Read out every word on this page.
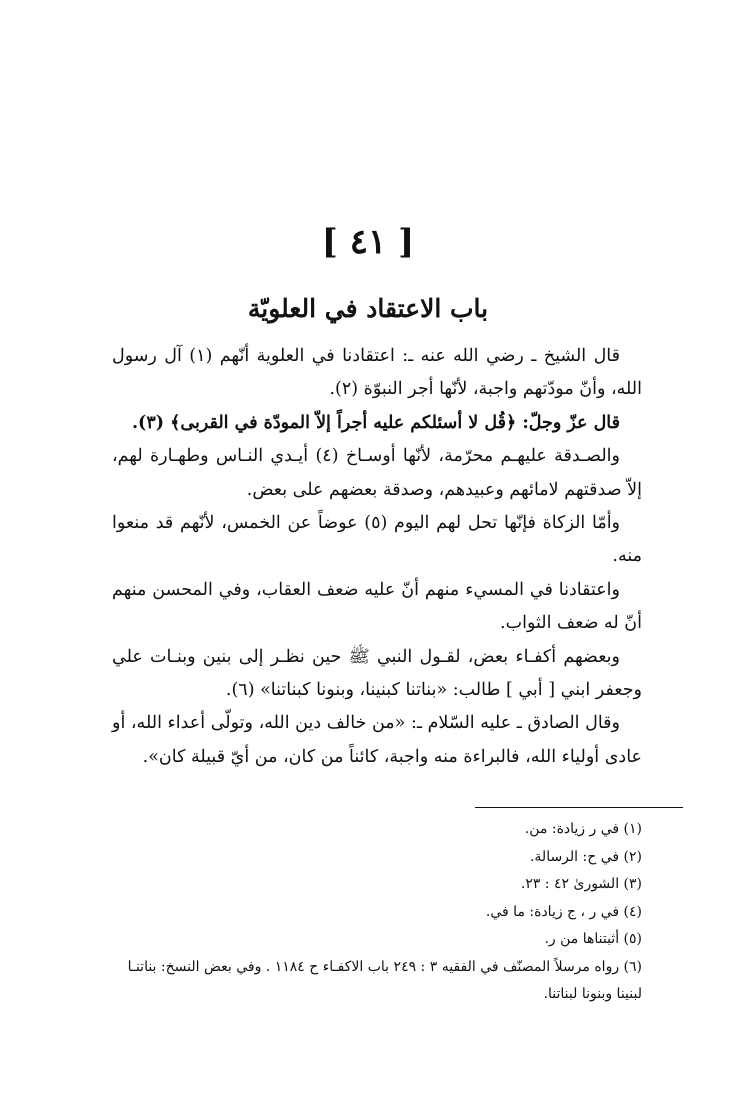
[ ٤١ ]
باب الاعتقاد في العلويّة

قال الشيخ ـ رضي الله عنه ـ: اعتقادنا في العلوية أنّهم (١) آل رسول الله، وأنّ مودّتهم واجبة، لأنّها أجر النبوّة (٢).

قال عزّ وجلّ: ﴿قُل لا أسئلكم عليه أجراً إلاّ المودّة في القربى﴾ (٣).

والصـدقة عليهـم محرّمة، لأنّها أوسـاخ (٤) أيـدي النـاس وطهـارة لهم، إلاّ صدقتهم لامائهم وعبيدهم، وصدقة بعضهم على بعض.

وأمّا الزكاة فإنّها تحل لهم اليوم (٥) عوضاً عن الخمس، لأنّهم قد منعوا منه.

واعتقادنا في المسيء منهم أنّ عليه ضعف العقاب، وفي المحسن منهم أنّ له ضعف الثواب.

وبعضهم أكفـاء بعض، لقـول النبي ﷺ حين نظـر إلى بنين وبنـات علي وجعفر ابني [ أبي ] طالب: «بناتنا كبنينا، وبنونا كبناتنا» (٦).

وقال الصادق ـ عليه السّلام ـ: «من خالف دين الله، وتولّى أعداء الله، أو عادى أولياء الله، فالبراءة منه واجبة، كائناً من كان، من أيّ قبيلة كان».

(١) في ر زيادة: من.
(٢) في ح: الرسالة.
(٣) الشورىٰ ٤٢ : ٢٣.
(٤) في ر ، ج زيادة: ما في.
(٥) أثبتناها من ر.
(٦) رواه مرسلاً المصنّف في الفقيه ٣ : ٢٤٩ باب الاكفـاء ح ١١٨٤ . وفي بعض النسخ: بناتنـا لبنينا وبنونا لبناتنا.
